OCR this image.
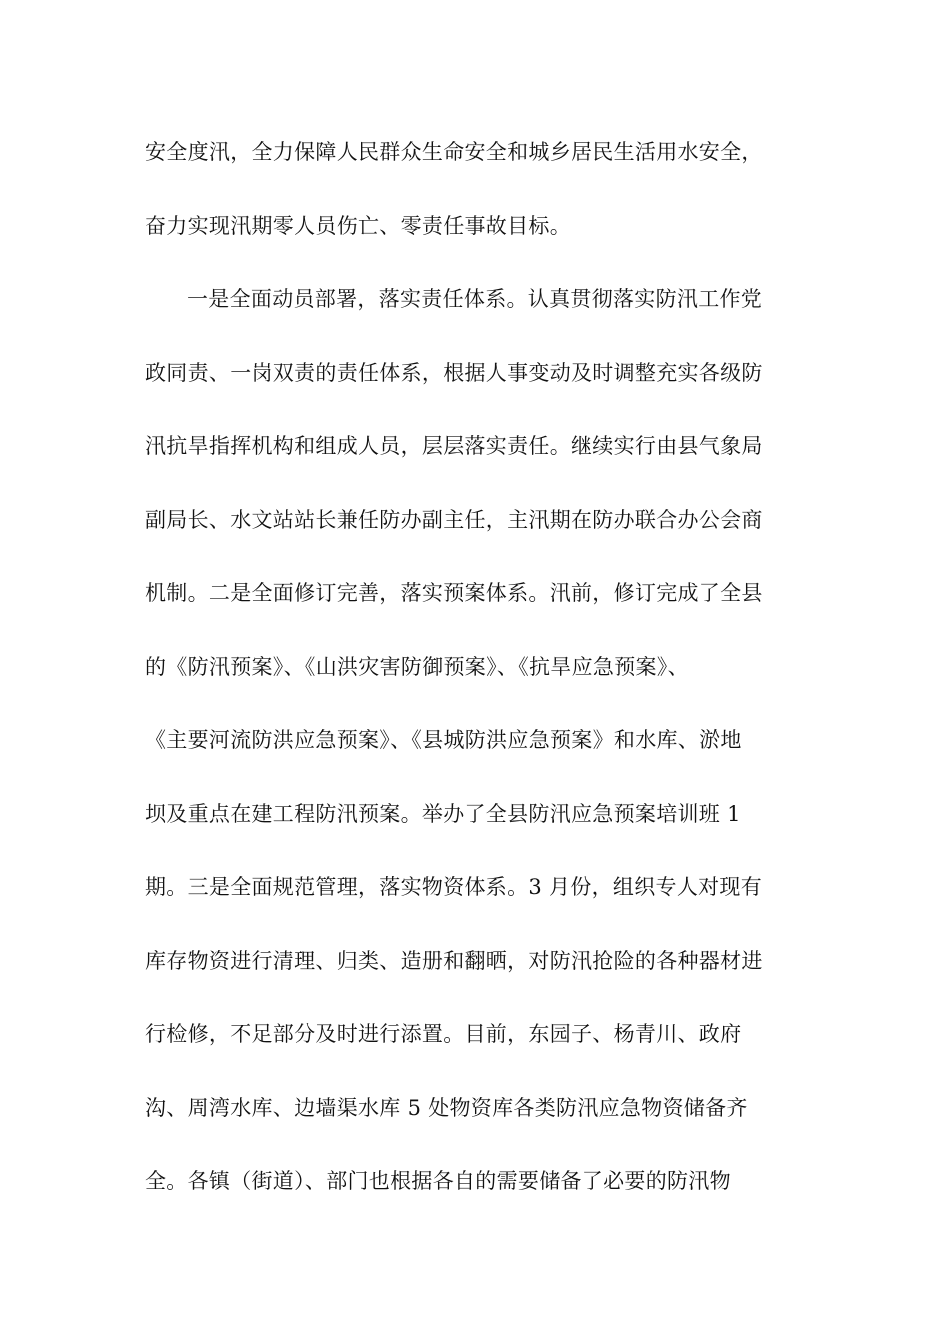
安全度汛，全力保障人民群众生命安全和城乡居民生活用水安全，
奋力实现汛期零人员伤亡、零责任事故目标。
一是全面动员部署，落实责任体系。认真贯彻落实防汛工作党
政同责、一岗双责的责任体系，根据人事变动及时调整充实各级防
汛抗旱指挥机构和组成人员，层层落实责任。继续实行由县气象局
副局长、水文站站长兼任防办副主任，主汛期在防办联合办公会商
机制。二是全面修订完善，落实预案体系。汛前，修订完成了全县
的《防汛预案》、《山洪灾害防御预案》、《抗旱应急预案》、
《主要河流防洪应急预案》、《县城防洪应急预案》和水库、淤地
坝及重点在建工程防汛预案。举办了全县防汛应急预案培训班 1
期。三是全面规范管理，落实物资体系。3 月份，组织专人对现有
库存物资进行清理、归类、造册和翻晒，对防汛抢险的各种器材进
行检修，不足部分及时进行添置。目前，东园子、杨青川、政府
沟、周湾水库、边墙渠水库 5 处物资库各类防汛应急物资储备齐
全。各镇（街道）、部门也根据各自的需要储备了必要的防汛物
